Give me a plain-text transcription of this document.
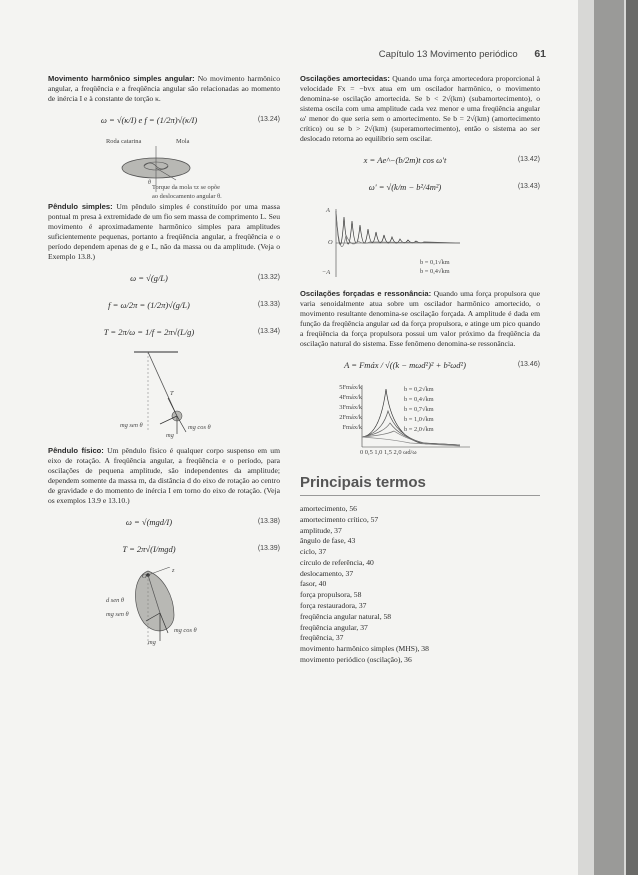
Capítulo 13 Movimento periódico 61

Movimento harmônico simples angular: No movimento harmônico angular, a freqüência e a freqüência angular são relacionadas ao momento de inércia I e à constante de torção κ.

ω = √(κ/I) e f = (1/2π)√(κ/I)	(13.24)
θ
Roda catarina	Mola
Torque da mola τz se opõe
ao deslocamento angular θ.

Pêndulo simples: Um pêndulo simples é constituído por uma massa pontual m presa à extremidade de um fio sem massa de comprimento L. Seu movimento é aproximadamente harmônico simples para amplitudes suficientemente pequenas, portanto a freqüência angular, a freqüência e o período dependem apenas de g e L, não da massa ou da amplitude. (Veja o Exemplo 13.8.)

ω = √(g/L)	(13.32)
f = ω/2π = (1/2π)√(g/L)	(13.33)
T = 2π/ω = 1/f = 2π√(L/g)	(13.34)
T
mg sen θ	mg cos θ
mg

Pêndulo físico: Um pêndulo físico é qualquer corpo suspenso em um eixo de rotação. A freqüência angular, a freqüência e o período, para oscilações de pequena amplitude, são independentes da amplitude; dependem somente da massa m, da distância d do eixo de rotação ao centro de gravidade e do momento de inércia I em torno do eixo de rotação. (Veja os exemplos 13.9 e 13.10.)

ω = √(mgd/I)	(13.38)
T = 2π√(I/mgd)	(13.39)
z
O
d sen θ
mg sen θ
mg cos θ
mg

Oscilações amortecidas: Quando uma força amortecedora proporcional à velocidade Fx = −bvx atua em um oscilador harmônico, o movimento denomina-se oscilação amortecida. Se b < 2√(km) (subamortecimento), o sistema oscila com uma amplitude cada vez menor e uma freqüência angular ω' menor do que seria sem o amortecimento. Se b = 2√(km) (amortecimento crítico) ou se b > 2√(km) (superamortecimento), então o sistema ao ser deslocado retorna ao equilíbrio sem oscilar.

x = Ae^−(b/2m)t cos ω't	(13.42)
ω' = √(k/m − b²/4m²)	(13.43)
A
O
−A
b = 0,1√km
b = 0,4√km

Oscilações forçadas e ressonância: Quando uma força propulsora que varia senoidalmente atua sobre um oscilador harmônico amortecido, o movimento resultante denomina-se oscilação forçada. A amplitude é dada em função da freqüência angular ωd da força propulsora, e atinge um pico quando a freqüência da força propulsora possui um valor próximo da freqüência da oscilação natural do sistema. Esse fenômeno denomina-se ressonância.

A = Fmáx / √((k − mωd²)² + b²ωd²)	(13.46)
5Fmáx/k
4Fmáx/k
3Fmáx/k
2Fmáx/k
Fmáx/k
b = 0,2√km
b = 0,4√km
b = 0,7√km
b = 1,0√km
b = 2,0√km
0 0,5 1,0 1,5 2,0 ωd/ω
Principais termos
amortecimento, 56
amortecimento crítico, 57
amplitude, 37
ângulo de fase, 43
ciclo, 37
círculo de referência, 40
deslocamento, 37
fasor, 40
força propulsora, 58
força restauradora, 37
freqüência angular natural, 58
freqüência angular, 37
freqüência, 37
movimento harmônico simples (MHS), 38
movimento periódico (oscilação), 36
